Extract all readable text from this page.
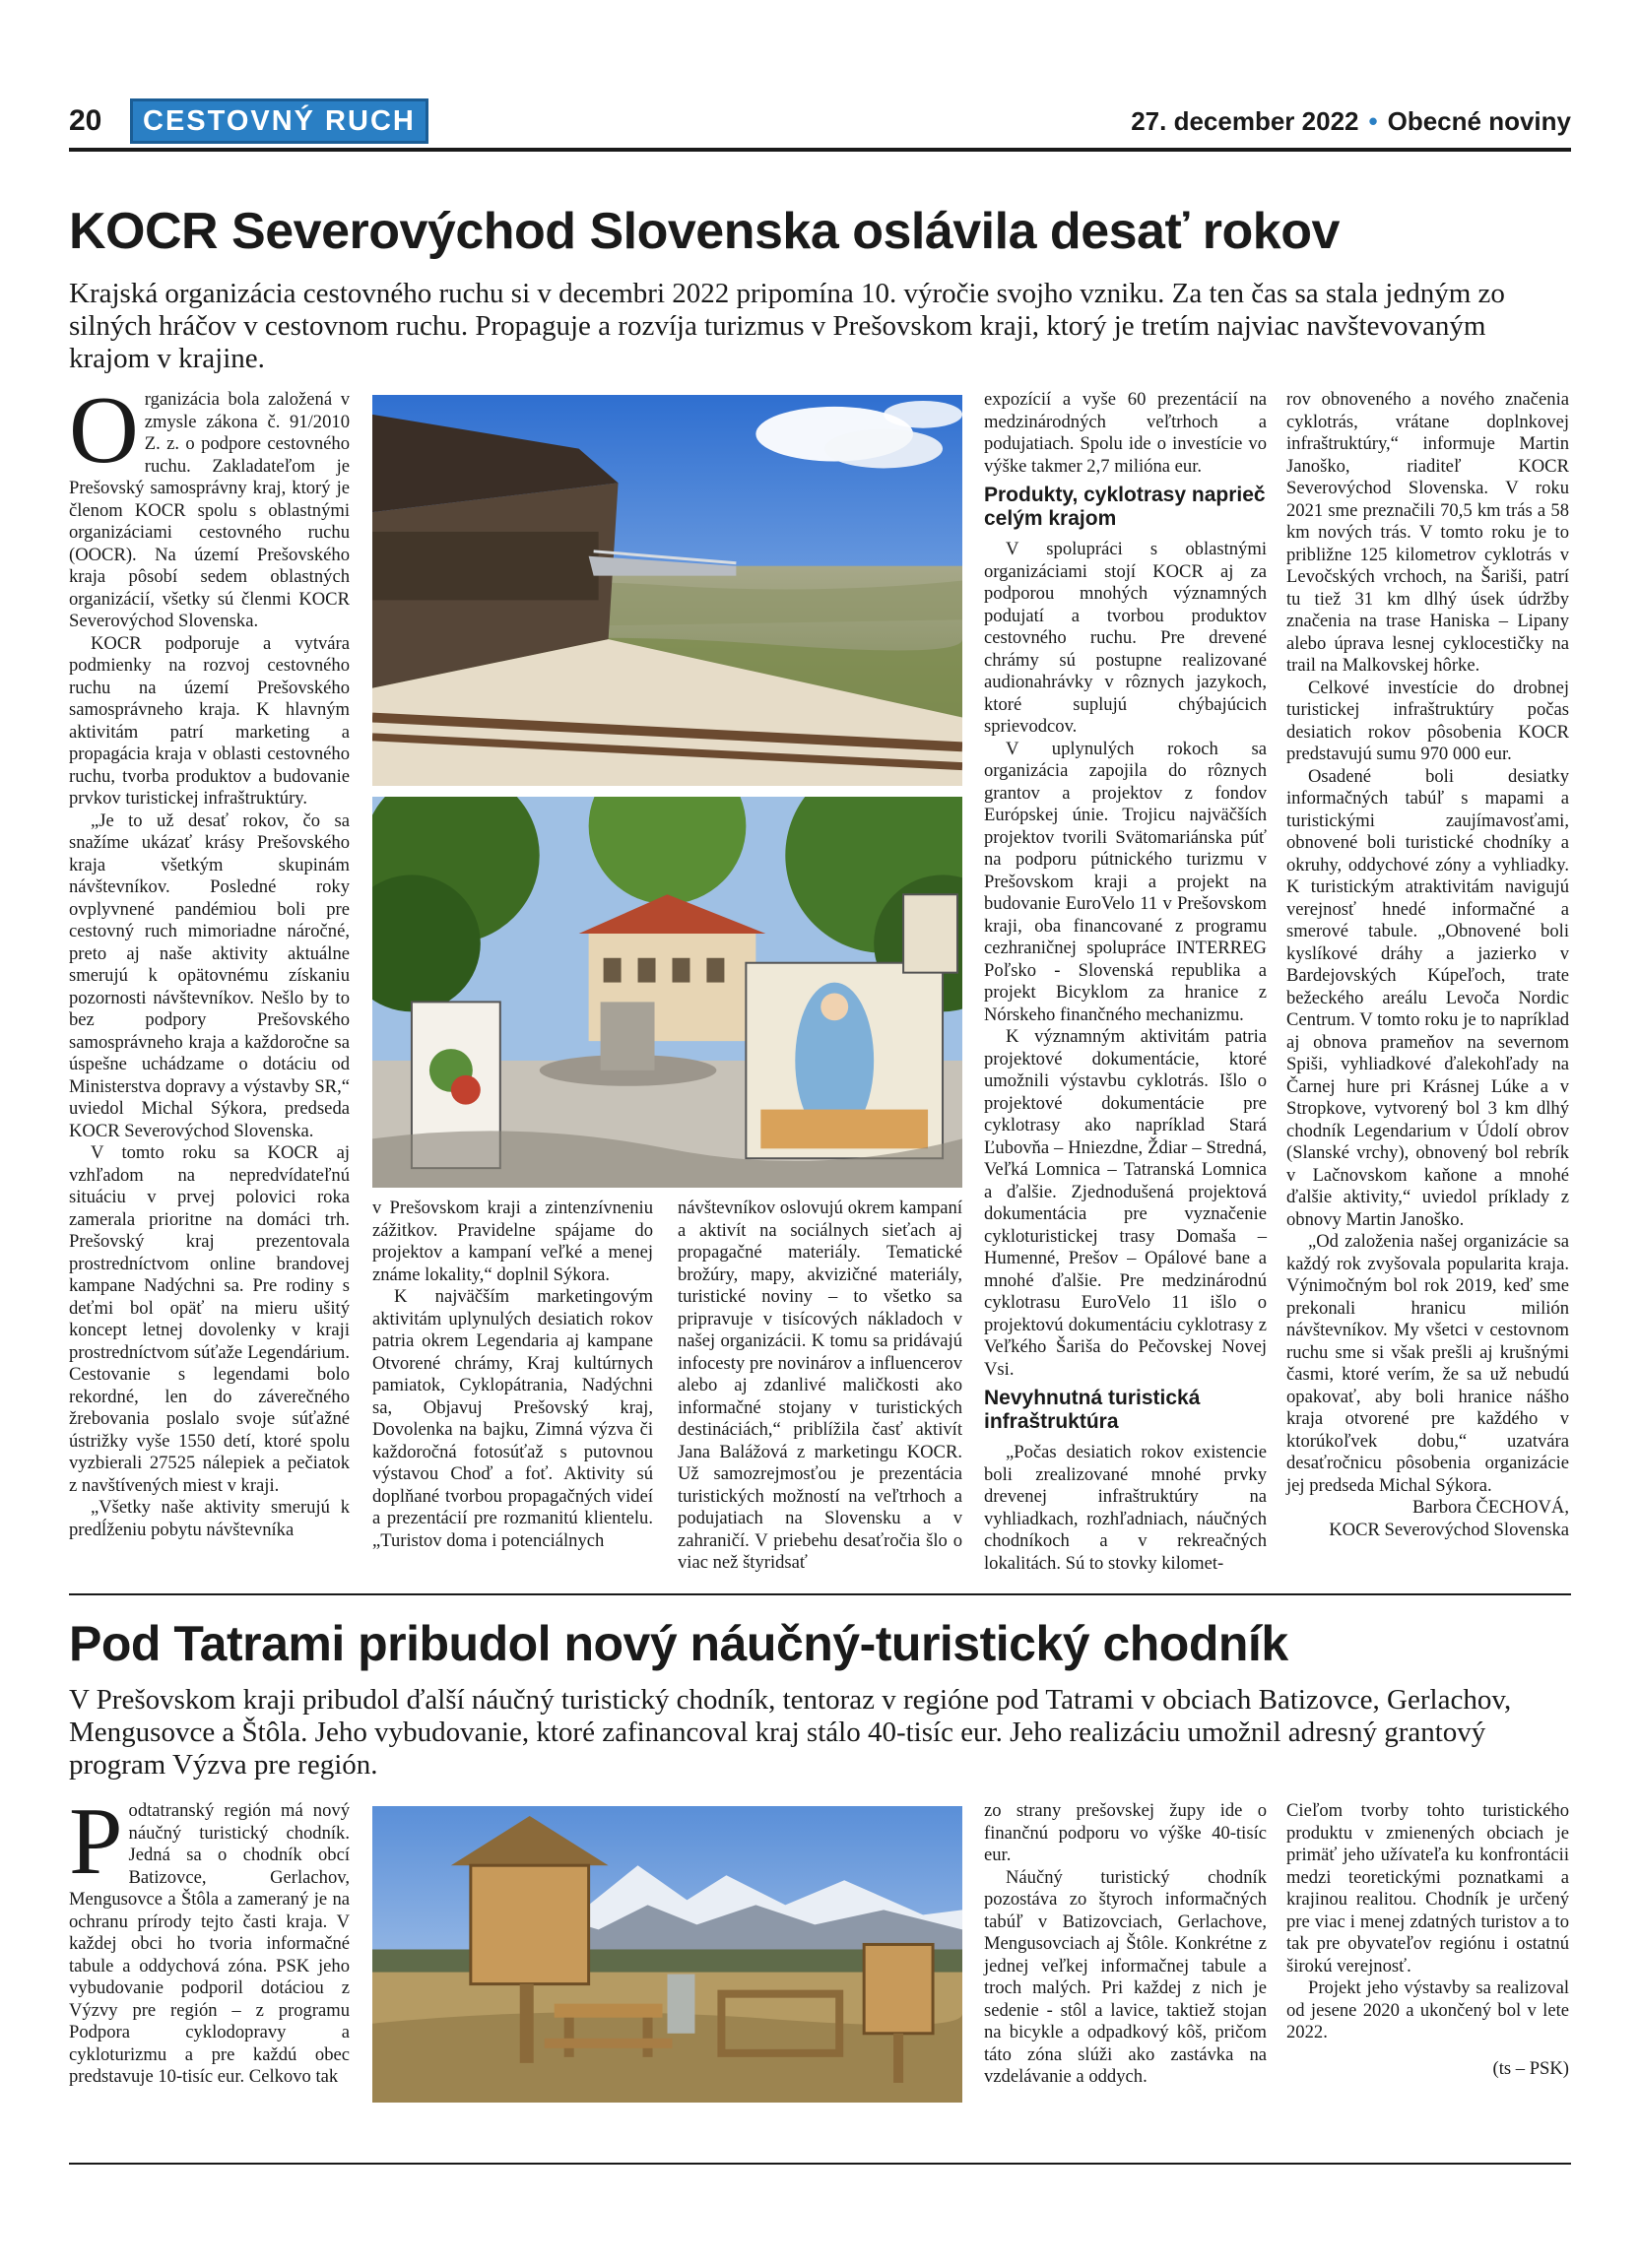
20	CESTOVNÝ RUCH	27. december 2022 • Obecné noviny
KOCR Severovýchod Slovenska oslávila desať rokov

Krajská organizácia cestovného ruchu si v decembri 2022 pripomína 10. výročie svojho vzniku. Za ten čas sa stala jedným zo silných hráčov v cestovnom ruchu. Propaguje a rozvíja turizmus v Prešovskom kraji, ktorý je tretím najviac navštevovaným krajom v krajine.

Organizácia bola založená v zmysle zákona č. 91/2010 Z. z. o podpore cestovného ruchu. Zakladateľom je Prešovský samosprávny kraj, ktorý je členom KOCR spolu s oblastnými organizáciami cestovného ruchu (OOCR). Na území Prešovského kraja pôsobí sedem oblastných organizácií, všetky sú členmi KOCR Severovýchod Slovenska.

KOCR podporuje a vytvára podmienky na rozvoj cestovného ruchu na území Prešovského samosprávneho kraja. K hlavným aktivitám patrí marketing a propagácia kraja v oblasti cestovného ruchu, tvorba produktov a budovanie prvkov turistickej infraštruktúry.

„Je to už desať rokov, čo sa snažíme ukázať krásy Prešovského kraja všetkým skupinám návštevníkov. Posledné roky ovplyvnené pandémiou boli pre cestovný ruch mimoriadne náročné, preto aj naše aktivity aktuálne smerujú k opätovnému získaniu pozornosti návštevníkov. Nešlo by to bez podpory Prešovského samosprávneho kraja a každoročne sa úspešne uchádzame o dotáciu od Ministerstva dopravy a výstavby SR,“ uviedol Michal Sýkora, predseda KOCR Severovýchod Slovenska.

V tomto roku sa KOCR aj vzhľadom na nepredvídateľnú situáciu v prvej polovici roka zamerala prioritne na domáci trh. Prešovský kraj prezentovala prostredníctvom online brandovej kampane Nadýchni sa. Pre rodiny s deťmi bol opäť na mieru ušitý koncept letnej dovolenky v kraji prostredníctvom súťaže Legendárium. Cestovanie s legendami bolo rekordné, len do záverečného žrebovania poslalo svoje súťažné ústrižky vyše 1550 detí, ktoré spolu vyzbierali 27525 nálepiek a pečiatok z navštívených miest v kraji.

„Všetky naše aktivity smerujú k predĺženiu pobytu návštevníka

v Prešovskom kraji a zintenzívneniu zážitkov. Pravidelne spájame do projektov a kampaní veľké a menej známe lokality,“ doplnil Sýkora.

K najväčším marketingovým aktivitám uplynulých desiatich rokov patria okrem Legendaria aj kampane Otvorené chrámy, Kraj kultúrnych pamiatok, Cyklopátrania, Nadýchni sa, Objavuj Prešovský kraj, Dovolenka na bajku, Zimná výzva či každoročná fotosúťaž s putovnou výstavou Choď a foť. Aktivity sú doplňané tvorbou propagačných videí a prezentácií pre rozmanitú klientelu. „Turistov doma i potenciálnych

návštevníkov oslovujú okrem kampaní a aktivít na sociálnych sieťach aj propagačné materiály. Tematické brožúry, mapy, akvizičné materiály, turistické noviny – to všetko sa pripravuje v tisícových nákladoch v našej organizácii. K tomu sa pridávajú infocesty pre novinárov a influencerov alebo aj zdanlivé maličkosti ako informačné stojany v turistických destináciách,“ priblížila časť aktivít Jana Balážová z marketingu KOCR. Už samozrejmosťou je prezentácia turistických možností na veľtrhoch a podujatiach na Slovensku a v zahraničí. V priebehu desaťročia šlo o viac než štyridsať

expozícií a vyše 60 prezentácií na medzinárodných veľtrhoch a podujatiach. Spolu ide o investície vo výške takmer 2,7 milióna eur.

Produkty, cyklotrasy naprieč celým krajom

V spolupráci s oblastnými organizáciami stojí KOCR aj za podporou mnohých významných podujatí a tvorbou produktov cestovného ruchu. Pre drevené chrámy sú postupne realizované audionahrávky v rôznych jazykoch, ktoré suplujú chýbajúcich sprievodcov.

V uplynulých rokoch sa organizácia zapojila do rôznych grantov a projektov z fondov Európskej únie. Trojicu najväčších projektov tvorili Svätomariánska púť na podporu pútnického turizmu v Prešovskom kraji a projekt na budovanie EuroVelo 11 v Prešovskom kraji, oba financované z programu cezhraničnej spolupráce INTERREG Poľsko - Slovenská republika a projekt Bicyklom za hranice z Nórskeho finančného mechanizmu.

K významným aktivitám patria projektové dokumentácie, ktoré umožnili výstavbu cyklotrás. Išlo o projektové dokumentácie pre cyklotrasy ako napríklad Stará Ľubovňa – Hniezdne, Ždiar – Stredná, Veľká Lomnica – Tatranská Lomnica a ďalšie. Zjednodušená projektová dokumentácia pre vyznačenie cykloturistickej trasy Domaša – Humenné, Prešov – Opálové bane a mnohé ďalšie. Pre medzinárodnú cyklotrasu EuroVelo 11 išlo o projektovú dokumentáciu cyklotrasy z Veľkého Šariša do Pečovskej Novej Vsi.

Nevyhnutná turistická infraštruktúra

„Počas desiatich rokov existencie boli zrealizované mnohé prvky drevenej infraštruktúry na vyhliadkach, rozhľadniach, náučných chodníkoch a v rekreačných lokalitách. Sú to stovky kilomet-

rov obnoveného a nového značenia cyklotrás, vrátane doplnkovej infraštruktúry,“ informuje Martin Janoško, riaditeľ KOCR Severovýchod Slovenska. V roku 2021 sme preznačili 70,5 km trás a 58 km nových trás. V tomto roku je to približne 125 kilometrov cyklotrás v Levočských vrchoch, na Šariši, patrí tu tiež 31 km dlhý úsek údržby značenia na trase Haniska – Lipany alebo úprava lesnej cyklocestičky na trail na Malkovskej hôrke.

Celkové investície do drobnej turistickej infraštruktúry počas desiatich rokov pôsobenia KOCR predstavujú sumu 970 000 eur.

Osadené boli desiatky informačných tabúľ s mapami a turistickými zaujímavosťami, obnovené boli turistické chodníky a okruhy, oddychové zóny a vyhliadky. K turistickým atraktivitám navigujú verejnosť hnedé informačné a smerové tabule. „Obnovené boli kyslíkové dráhy a jazierko v Bardejovských Kúpeľoch, trate bežeckého areálu Levoča Nordic Centrum. V tomto roku je to napríklad aj obnova prameňov na severnom Spiši, vyhliadkové ďalekohľady na Čarnej hure pri Krásnej Lúke a v Stropkove, vytvorený bol 3 km dlhý chodník Legendarium v Údolí obrov (Slanské vrchy), obnovený bol rebrík v Lačnovskom kaňone a mnohé ďalšie aktivity,“ uviedol príklady z obnovy Martin Janoško.

„Od založenia našej organizácie sa každý rok zvyšovala popularita kraja. Výnimočným bol rok 2019, keď sme prekonali hranicu milión návštevníkov. My všetci v cestovnom ruchu sme si však prešli aj krušnými časmi, ktoré verím, že sa už nebudú opakovať, aby boli hranice nášho kraja otvorené pre každého v ktorúkoľvek dobu,“ uzatvára desaťročnicu pôsobenia organizácie jej predseda Michal Sýkora.

Barbora ČECHOVÁ,

KOCR Severovýchod Slovenska

Pod Tatrami pribudol nový náučný-turistický chodník

V Prešovskom kraji pribudol ďalší náučný turistický chodník, tentoraz v regióne pod Tatrami v obciach Batizovce, Gerlachov, Mengusovce a Štôla. Jeho vybudovanie, ktoré zafinancoval kraj stálo 40-tisíc eur. Jeho realizáciu umožnil adresný grantový program Výzva pre región.

Podtatranský región má nový náučný turistický chodník. Jedná sa o chodník obcí Batizovce, Gerlachov, Mengusovce a Štôla a zameraný je na ochranu prírody tejto časti kraja. V každej obci ho tvoria informačné tabule a oddychová zóna. PSK jeho vybudovanie podporil dotáciou z Výzvy pre región – z programu Podpora cyklodopravy a cykloturizmu a pre každú obec predstavuje 10-tisíc eur. Celkovo tak

zo strany prešovskej župy ide o finančnú podporu vo výške 40-tisíc eur.

Náučný turistický chodník pozostáva zo štyroch informačných tabúľ v Batizovciach, Gerlachove, Mengusovciach aj Štôle. Konkrétne z jednej veľkej informačnej tabule a troch malých. Pri každej z nich je sedenie - stôl a lavice, taktiež stojan na bicykle a odpadkový kôš, pričom táto zóna slúži ako zastávka na vzdelávanie a oddych.

Cieľom tvorby tohto turistického produktu v zmienených obciach je primäť jeho užívateľa ku konfrontácii medzi teoretickými poznatkami a krajinou realitou. Chodník je určený pre viac i menej zdatných turistov a to tak pre obyvateľov regiónu i ostatnú širokú verejnosť.

Projekt jeho výstavby sa realizoval od jesene 2020 a ukončený bol v lete 2022.

(ts – PSK)
